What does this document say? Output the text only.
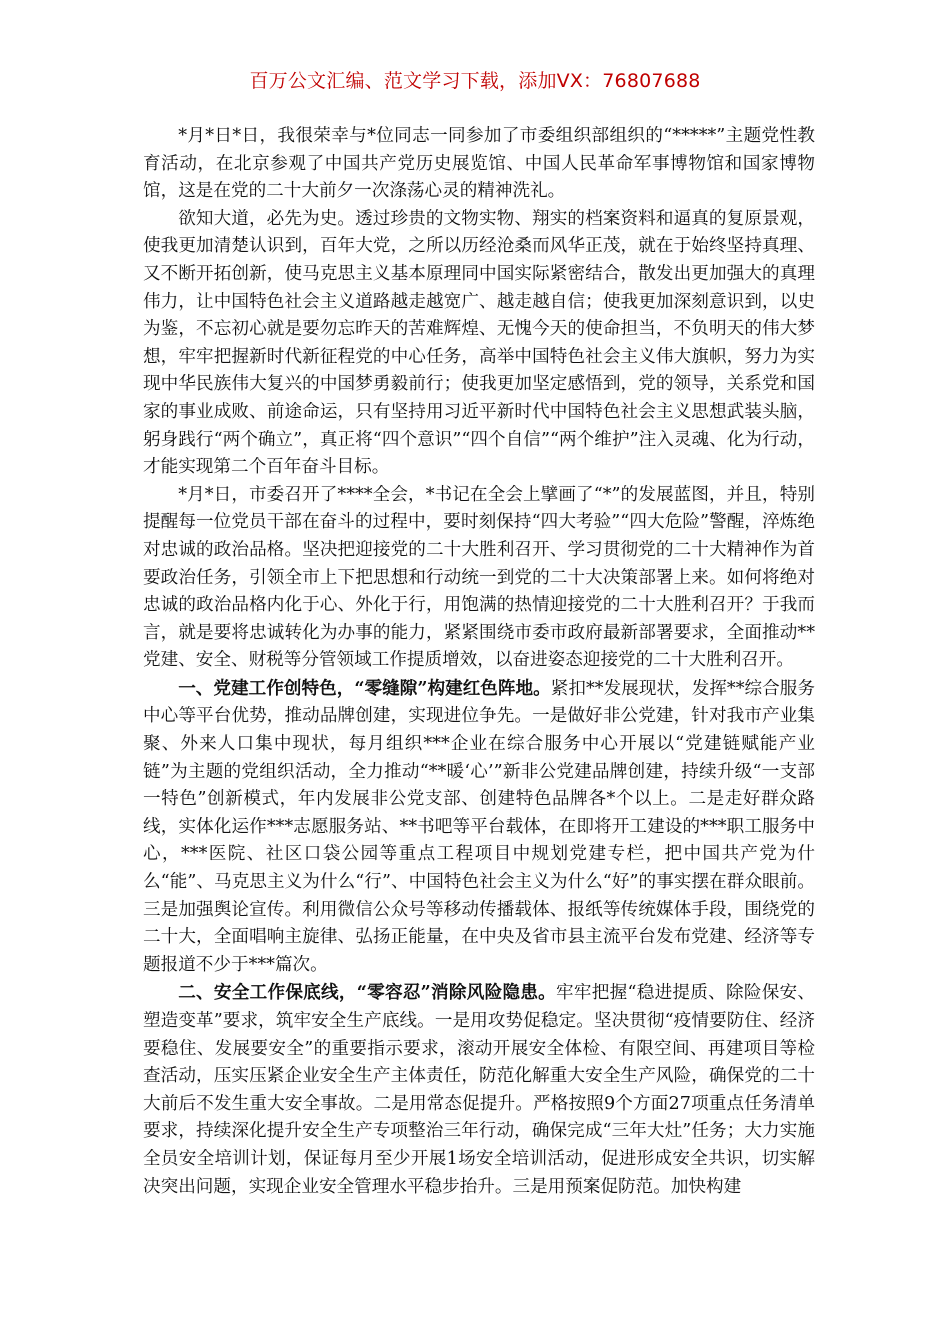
百万公文汇编、范文学习下载，添加VX：76807688

*月*日*日，我很荣幸与*位同志一同参加了市委组织部组织的“*****”主题党性教育活动，在北京参观了中国共产党历史展览馆、中国人民革命军事博物馆和国家博物馆，这是在党的二十大前夕一次涤荡心灵的精神洗礼。

欲知大道，必先为史。透过珍贵的文物实物、翔实的档案资料和逼真的复原景观，使我更加清楚认识到，百年大党，之所以历经沧桑而风华正茂，就在于始终坚持真理、又不断开拓创新，使马克思主义基本原理同中国实际紧密结合，散发出更加强大的真理伟力，让中国特色社会主义道路越走越宽广、越走越自信；使我更加深刻意识到，以史为鉴，不忘初心就是要勿忘昨天的苦难辉煌、无愧今天的使命担当，不负明天的伟大梦想，牢牢把握新时代新征程党的中心任务，高举中国特色社会主义伟大旗帜，努力为实现中华民族伟大复兴的中国梦勇毅前行；使我更加坚定感悟到，党的领导，关系党和国家的事业成败、前途命运，只有坚持用习近平新时代中国特色社会主义思想武装头脑，躬身践行“两个确立”，真正将“四个意识”“四个自信”“两个维护”注入灵魂、化为行动，才能实现第二个百年奋斗目标。

*月*日，市委召开了****全会，*书记在全会上擘画了“*”的发展蓝图，并且，特别提醒每一位党员干部在奋斗的过程中，要时刻保持“四大考验”“四大危险”警醒，淬炼绝对忠诚的政治品格。坚决把迎接党的二十大胜利召开、学习贯彻党的二十大精神作为首要政治任务，引领全市上下把思想和行动统一到党的二十大决策部署上来。如何将绝对忠诚的政治品格内化于心、外化于行，用饱满的热情迎接党的二十大胜利召开？于我而言，就是要将忠诚转化为办事的能力，紧紧围绕市委市政府最新部署要求，全面推动**党建、安全、财税等分管领域工作提质增效，以奋进姿态迎接党的二十大胜利召开。

一、党建工作创特色，“零缝隙”构建红色阵地。紧扣**发展现状，发挥**综合服务中心等平台优势，推动品牌创建，实现进位争先。一是做好非公党建，针对我市产业集聚、外来人口集中现状，每月组织***企业在综合服务中心开展以“党建链赋能产业链”为主题的党组织活动，全力推动“**暖‘心’”新非公党建品牌创建，持续升级“一支部一特色”创新模式，年内发展非公党支部、创建特色品牌各*个以上。二是走好群众路线，实体化运作***志愿服务站、**书吧等平台载体，在即将开工建设的***职工服务中心，***医院、社区口袋公园等重点工程项目中规划党建专栏，把中国共产党为什么“能”、马克思主义为什么“行”、中国特色社会主义为什么“好”的事实摆在群众眼前。三是加强舆论宣传。利用微信公众号等移动传播载体、报纸等传统媒体手段，围绕党的二十大，全面唱响主旋律、弘扬正能量，在中央及省市县主流平台发布党建、经济等专题报道不少于***篇次。

二、安全工作保底线，“零容忍”消除风险隐患。牢牢把握“稳进提质、除险保安、塑造变革”要求，筑牢安全生产底线。一是用攻势促稳定。坚决贯彻“疫情要防住、经济要稳住、发展要安全”的重要指示要求，滚动开展安全体检、有限空间、再建项目等检查活动，压实压紧企业安全生产主体责任，防范化解重大安全生产风险，确保党的二十大前后不发生重大安全事故。二是用常态促提升。严格按照9个方面27项重点任务清单要求，持续深化提升安全生产专项整治三年行动，确保完成“三年大灶”任务；大力实施全员安全培训计划，保证每月至少开展1场安全培训活动，促进形成安全共识，切实解决突出问题，实现企业安全管理水平稳步抬升。三是用预案促防范。加快构建
